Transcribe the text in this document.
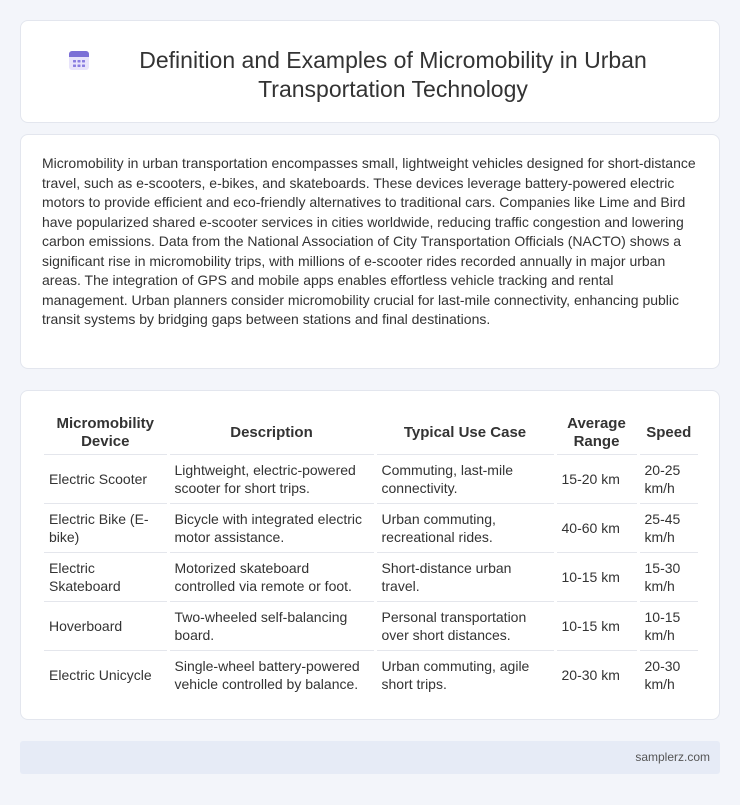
Definition and Examples of Micromobility in Urban
Transportation Technology

Micromobility in urban transportation encompasses small, lightweight vehicles designed for short-distance travel, such as e-scooters, e-bikes, and skateboards. These devices leverage battery-powered electric motors to provide efficient and eco-friendly alternatives to traditional cars. Companies like Lime and Bird have popularized shared e-scooter services in cities worldwide, reducing traffic congestion and lowering carbon emissions. Data from the National Association of City Transportation Officials (NACTO) shows a significant rise in micromobility trips, with millions of e-scooter rides recorded annually in major urban areas. The integration of GPS and mobile apps enables effortless vehicle tracking and rental management. Urban planners consider micromobility crucial for last-mile connectivity, enhancing public transit systems by bridging gaps between stations and final destinations.

Micromobility Device	Description	Typical Use Case	Average Range	Speed
Electric Scooter	Lightweight, electric-powered scooter for short trips.	Commuting, last-mile connectivity.	15-20 km	20-25 km/h
Electric Bike (E-bike)	Bicycle with integrated electric motor assistance.	Urban commuting, recreational rides.	40-60 km	25-45 km/h
Electric Skateboard	Motorized skateboard controlled via remote or foot.	Short-distance urban travel.	10-15 km	15-30 km/h
Hoverboard	Two-wheeled self-balancing board.	Personal transportation over short distances.	10-15 km	10-15 km/h
Electric Unicycle	Single-wheel battery-powered vehicle controlled by balance.	Urban commuting, agile short trips.	20-30 km	20-30 km/h
samplerz.com
